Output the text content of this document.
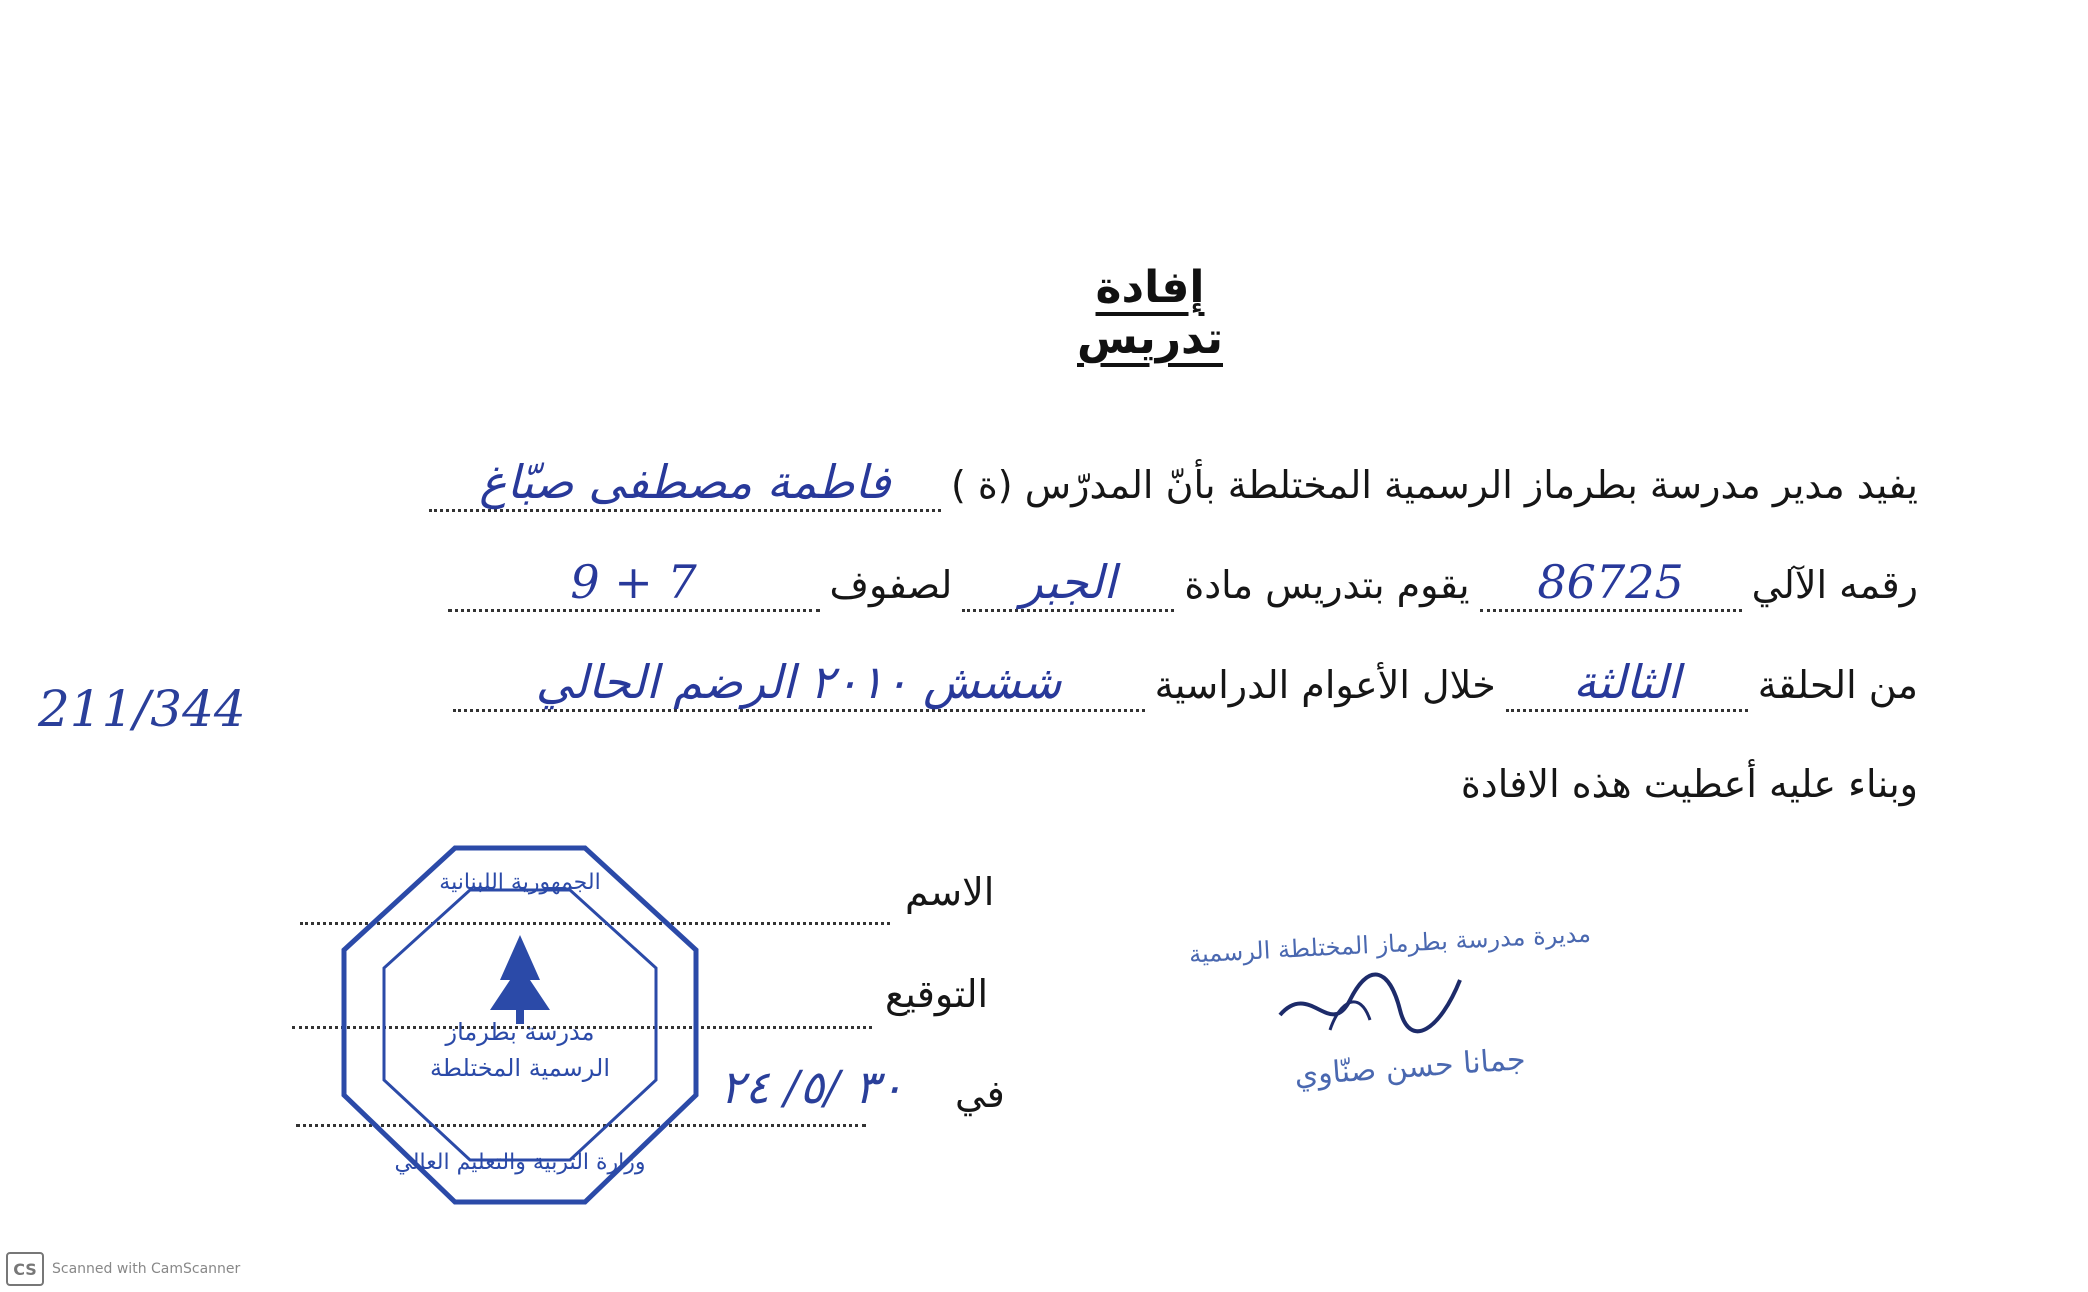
إفادة تدريس
يفيد مدير مدرسة بطرماز الرسمية المختلطة بأنّ المدرّس (ة )
فاطمة مصطفى صبّاغ
رقمه الآلي
86725
يقوم بتدريس مادة
الجبر
لصفوف
7 + 9
من الحلقة
الثالثة
خلال الأعوام الدراسية
ششش ٢٠١٠ الرضم الحالي
211/344
وبناء عليه أعطيت هذه الافادة
الاسم
التوقيع
في
٣٠ /٥/ ٢٤
الجمهورية اللبنانية
مدرسة بطرماز
الرسمية المختلطة
وزارة التربية والتعليم العالي
مديرة مدرسة بطرماز المختلطة الرسمية
جمانا حسن صنّاوي
CS	Scanned with CamScanner
